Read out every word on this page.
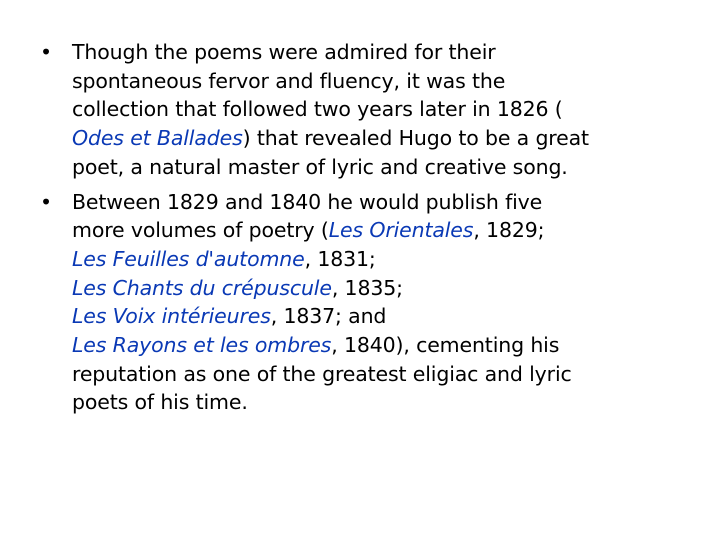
• Though the poems were admired for their
spontaneous fervor and fluency, it was the
collection that followed two years later in 1826 (
Odes et Ballades) that revealed Hugo to be a great
poet, a natural master of lyric and creative song.
• Between 1829 and 1840 he would publish five
more volumes of poetry (Les Orientales, 1829;
Les Feuilles d'automne, 1831;
Les Chants du crépuscule, 1835;
Les Voix intérieures, 1837; and
Les Rayons et les ombres, 1840), cementing his
reputation as one of the greatest eligiac and lyric
poets of his time.
